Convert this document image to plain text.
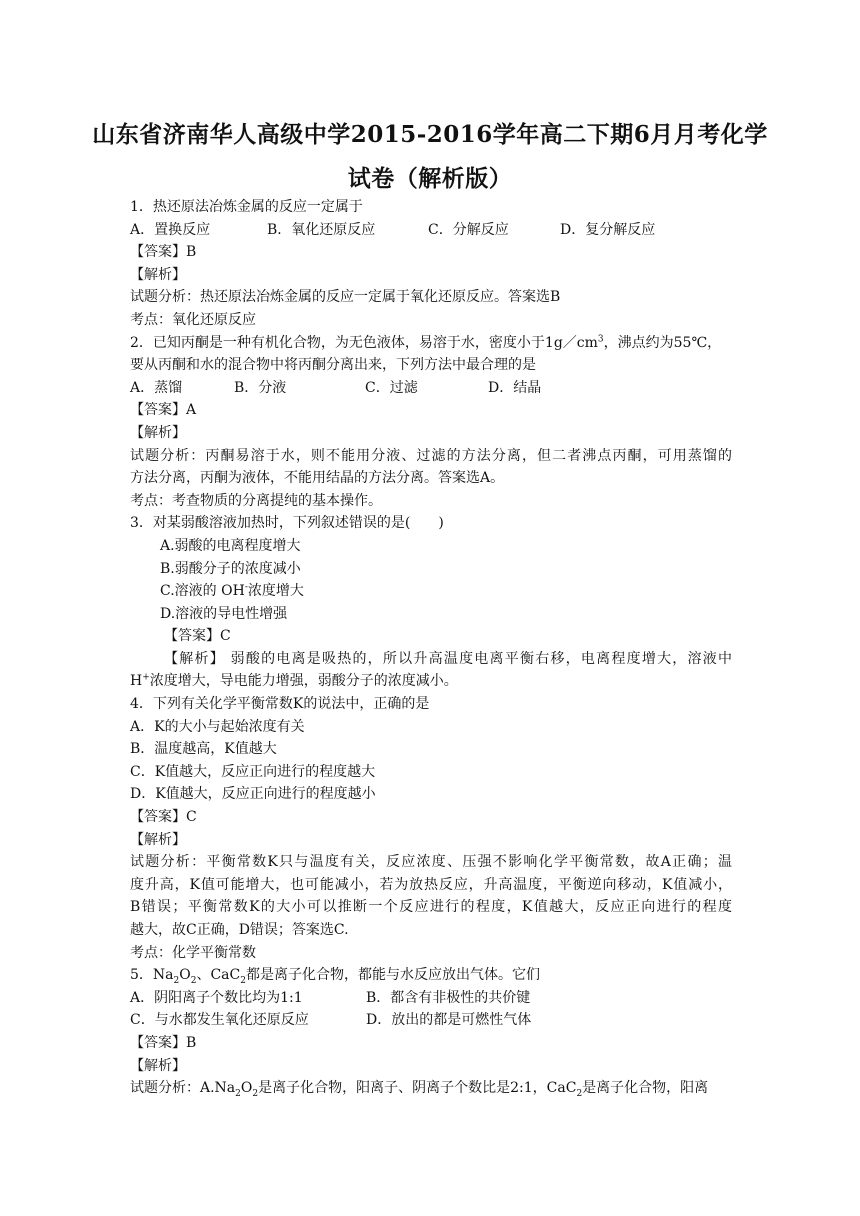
山东省济南华人高级中学2015-2016学年高二下期6月月考化学
试卷（解析版）
1．热还原法冶炼金属的反应一定属于
A．置换反应	B．氧化还原反应	C．分解反应	D．复分解反应
【答案】B
【解析】
试题分析：热还原法冶炼金属的反应一定属于氧化还原反应。答案选B
考点：氧化还原反应
2．已知丙酮是一种有机化合物，为无色液体，易溶于水，密度小于$1g/cm^3$，沸点约为55℃，
要从丙酮和水的混合物中将丙酮分离出来，下列方法中最合理的是
A．蒸馏	B．分液	C．过滤	D．结晶
【答案】A
【解析】
试题分析：丙酮易溶于水，则不能用分液、过滤的方法分离，但二者沸点丙酮，可用蒸馏的
方法分离，丙酮为液体，不能用结晶的方法分离。答案选A。
考点：考查物质的分离提纯的基本操作。
3．对某弱酸溶液加热时，下列叙述错误的是(　　)
A.弱酸的电离程度增大
B.弱酸分子的浓度减小
C.溶液的 OH-浓度增大
D.溶液的导电性增强
【答案】C
【解析】 弱酸的电离是吸热的，所以升高温度电离平衡右移，电离程度增大，溶液中
H+浓度增大，导电能力增强，弱酸分子的浓度减小。
4．下列有关化学平衡常数K的说法中，正确的是
A．K的大小与起始浓度有关
B．温度越高，K值越大
C．K值越大，反应正向进行的程度越大
D．K值越大，反应正向进行的程度越小
【答案】C
【解析】
试题分析：平衡常数K只与温度有关，反应浓度、压强不影响化学平衡常数，故A正确；温
度升高，K值可能增大，也可能减小，若为放热反应，升高温度，平衡逆向移动，K值减小，
B错误；平衡常数K的大小可以推断一个反应进行的程度，K值越大，反应正向进行的程度
越大，故C正确，D错误；答案选C.
考点：化学平衡常数
5．$Na_2O_2$、CaC$_2$都是离子化合物，都能与水反应放出气体。它们
A．阴阳离子个数比均为1:1	B．都含有非极性的共价键
C．与水都发生氧化还原反应	D．放出的都是可燃性气体
【答案】B
【解析】
试题分析：$A.Na_2O_2$是离子化合物，阳离子、阴离子个数比是2:1，CaC$_2$是离子化合物，阳离
